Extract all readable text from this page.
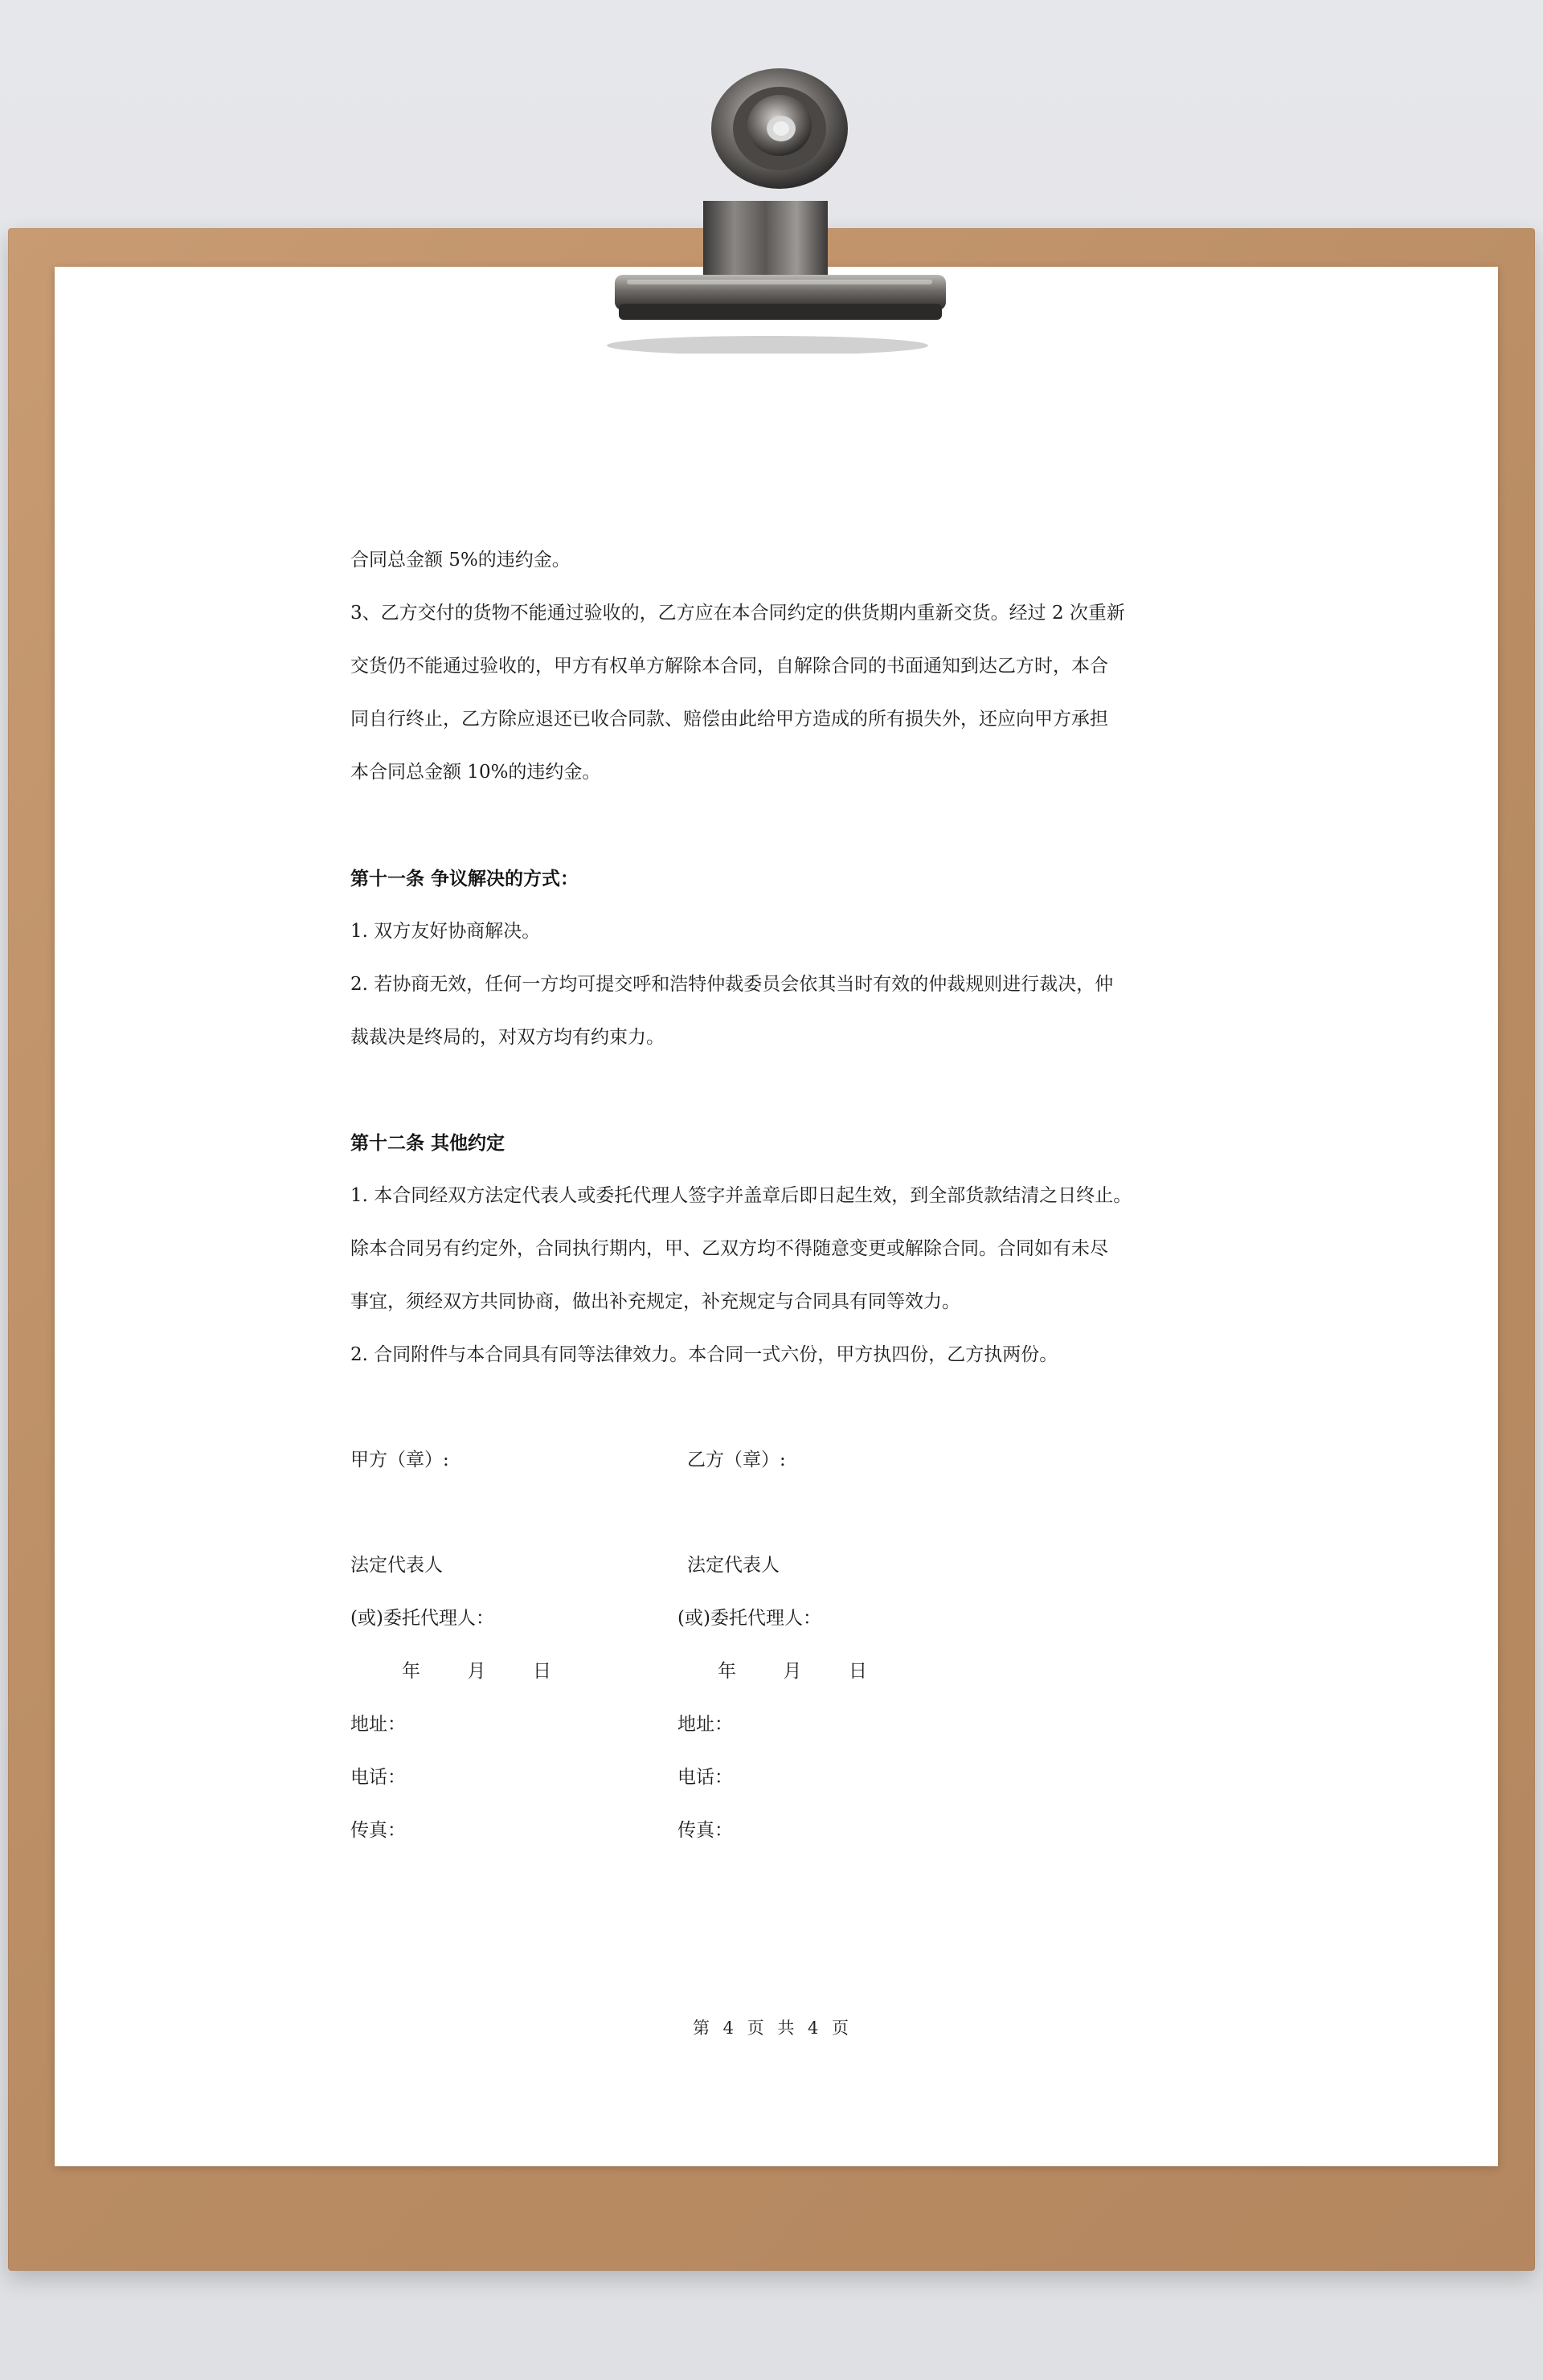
合同总金额 5%的违约金。
3、乙方交付的货物不能通过验收的，乙方应在本合同约定的供货期内重新交货。经过 2 次重新
交货仍不能通过验收的，甲方有权单方解除本合同，自解除合同的书面通知到达乙方时，本合
同自行终止，乙方除应退还已收合同款、赔偿由此给甲方造成的所有损失外，还应向甲方承担
本合同总金额 10%的违约金。
第十一条 争议解决的方式：
1. 双方友好协商解决。
2. 若协商无效，任何一方均可提交呼和浩特仲裁委员会依其当时有效的仲裁规则进行裁决，仲
裁裁决是终局的，对双方均有约束力。
第十二条 其他约定
1. 本合同经双方法定代表人或委托代理人签字并盖章后即日起生效，到全部货款结清之日终止。
除本合同另有约定外，合同执行期内，甲、乙双方均不得随意变更或解除合同。合同如有未尽
事宜，须经双方共同协商，做出补充规定，补充规定与合同具有同等效力。
2. 合同附件与本合同具有同等法律效力。本合同一式六份，甲方执四份，乙方执两份。
甲方（章）:	乙方（章）:
法定代表人	法定代表人
(或)委托代理人：	(或)委托代理人：
年        月        日	年        月        日
地址：	地址：
电话：	电话：
传真：	传真：
第 4 页 共 4 页
